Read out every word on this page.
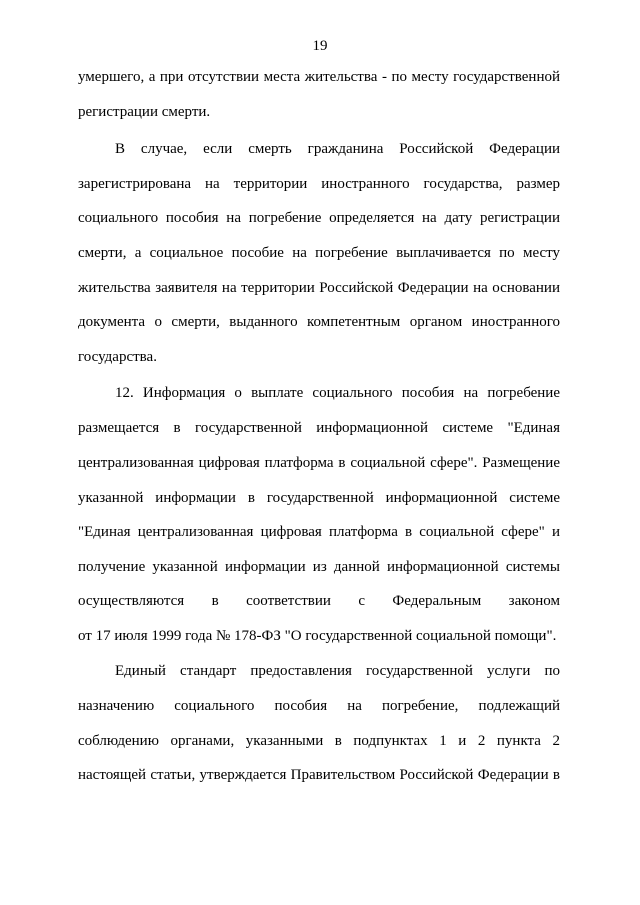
19
умершего, а при отсутствии места жительства - по месту государственной
регистрации смерти.
В случае, если смерть гражданина Российской Федерации
зарегистрирована на территории иностранного государства, размер
социального пособия на погребение определяется на дату регистрации
смерти, а социальное пособие на погребение выплачивается по месту
жительства заявителя на территории Российской Федерации на основании
документа о смерти, выданного компетентным органом иностранного
государства.
12. Информация о выплате социального пособия на погребение
размещается в государственной информационной системе "Единая
централизованная цифровая платформа в социальной сфере". Размещение
указанной информации в государственной информационной системе
"Единая централизованная цифровая платформа в социальной сфере" и
получение указанной информации из данной информационной системы
осуществляются в соответствии с Федеральным законом
от 17 июля 1999 года № 178-ФЗ "О государственной социальной помощи".
Единый стандарт предоставления государственной услуги по
назначению социального пособия на погребение, подлежащий
соблюдению органами, указанными в подпунктах 1 и 2 пункта 2
настоящей статьи, утверждается Правительством Российской Федерации в
